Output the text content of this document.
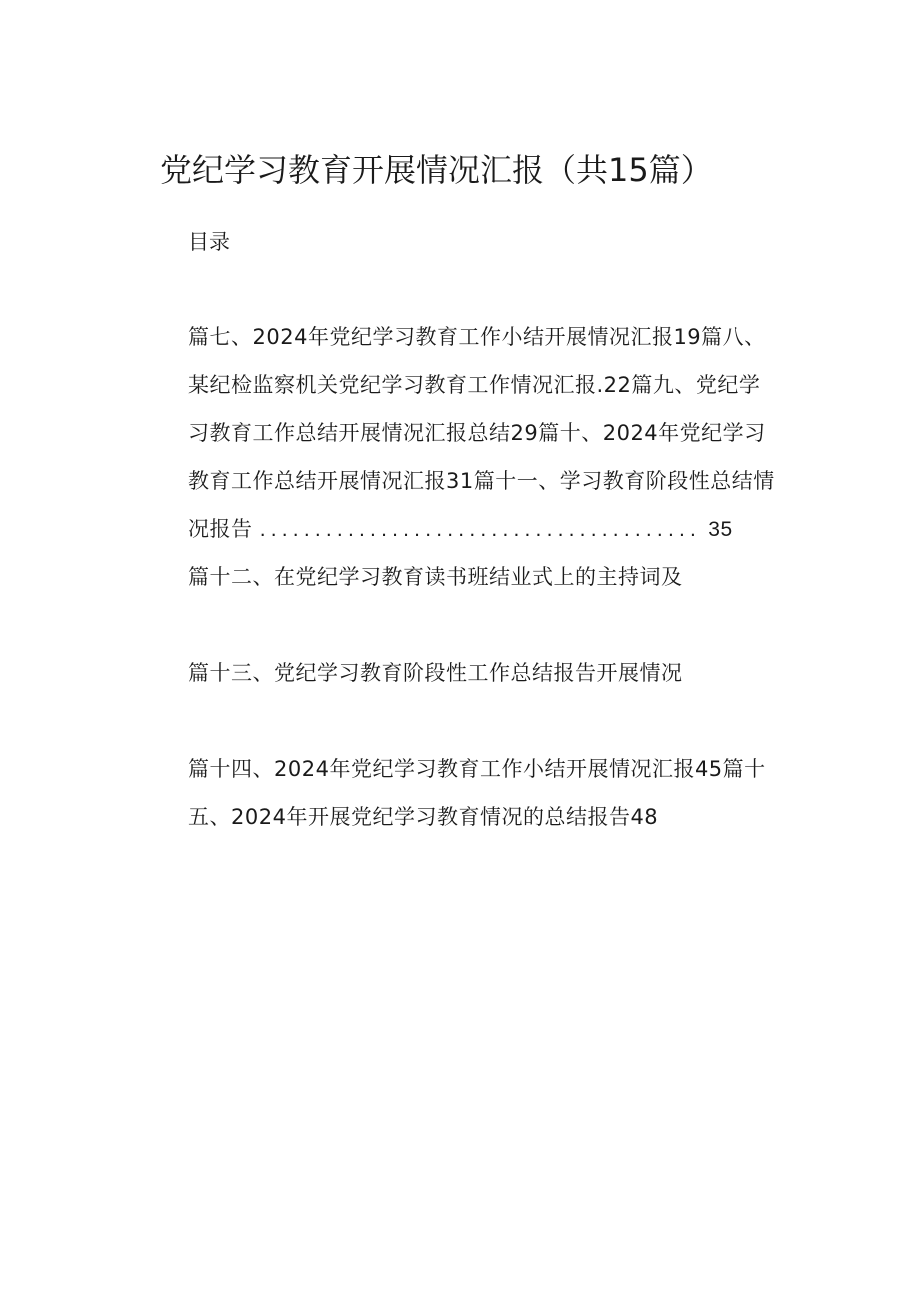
党纪学习教育开展情况汇报（共15篇）
目录
篇七、2024年党纪学习教育工作小结开展情况汇报19篇八、
某纪检监察机关党纪学习教育工作情况汇报.22篇九、党纪学
习教育工作总结开展情况汇报总结29篇十、2024年党纪学习
教育工作总结开展情况汇报31篇十一、学习教育阶段性总结情
况报告 ........................................ 35
篇十二、在党纪学习教育读书班结业式上的主持词及
篇十三、党纪学习教育阶段性工作总结报告开展情况
篇十四、2024年党纪学习教育工作小结开展情况汇报45篇十
五、2024年开展党纪学习教育情况的总结报告48
